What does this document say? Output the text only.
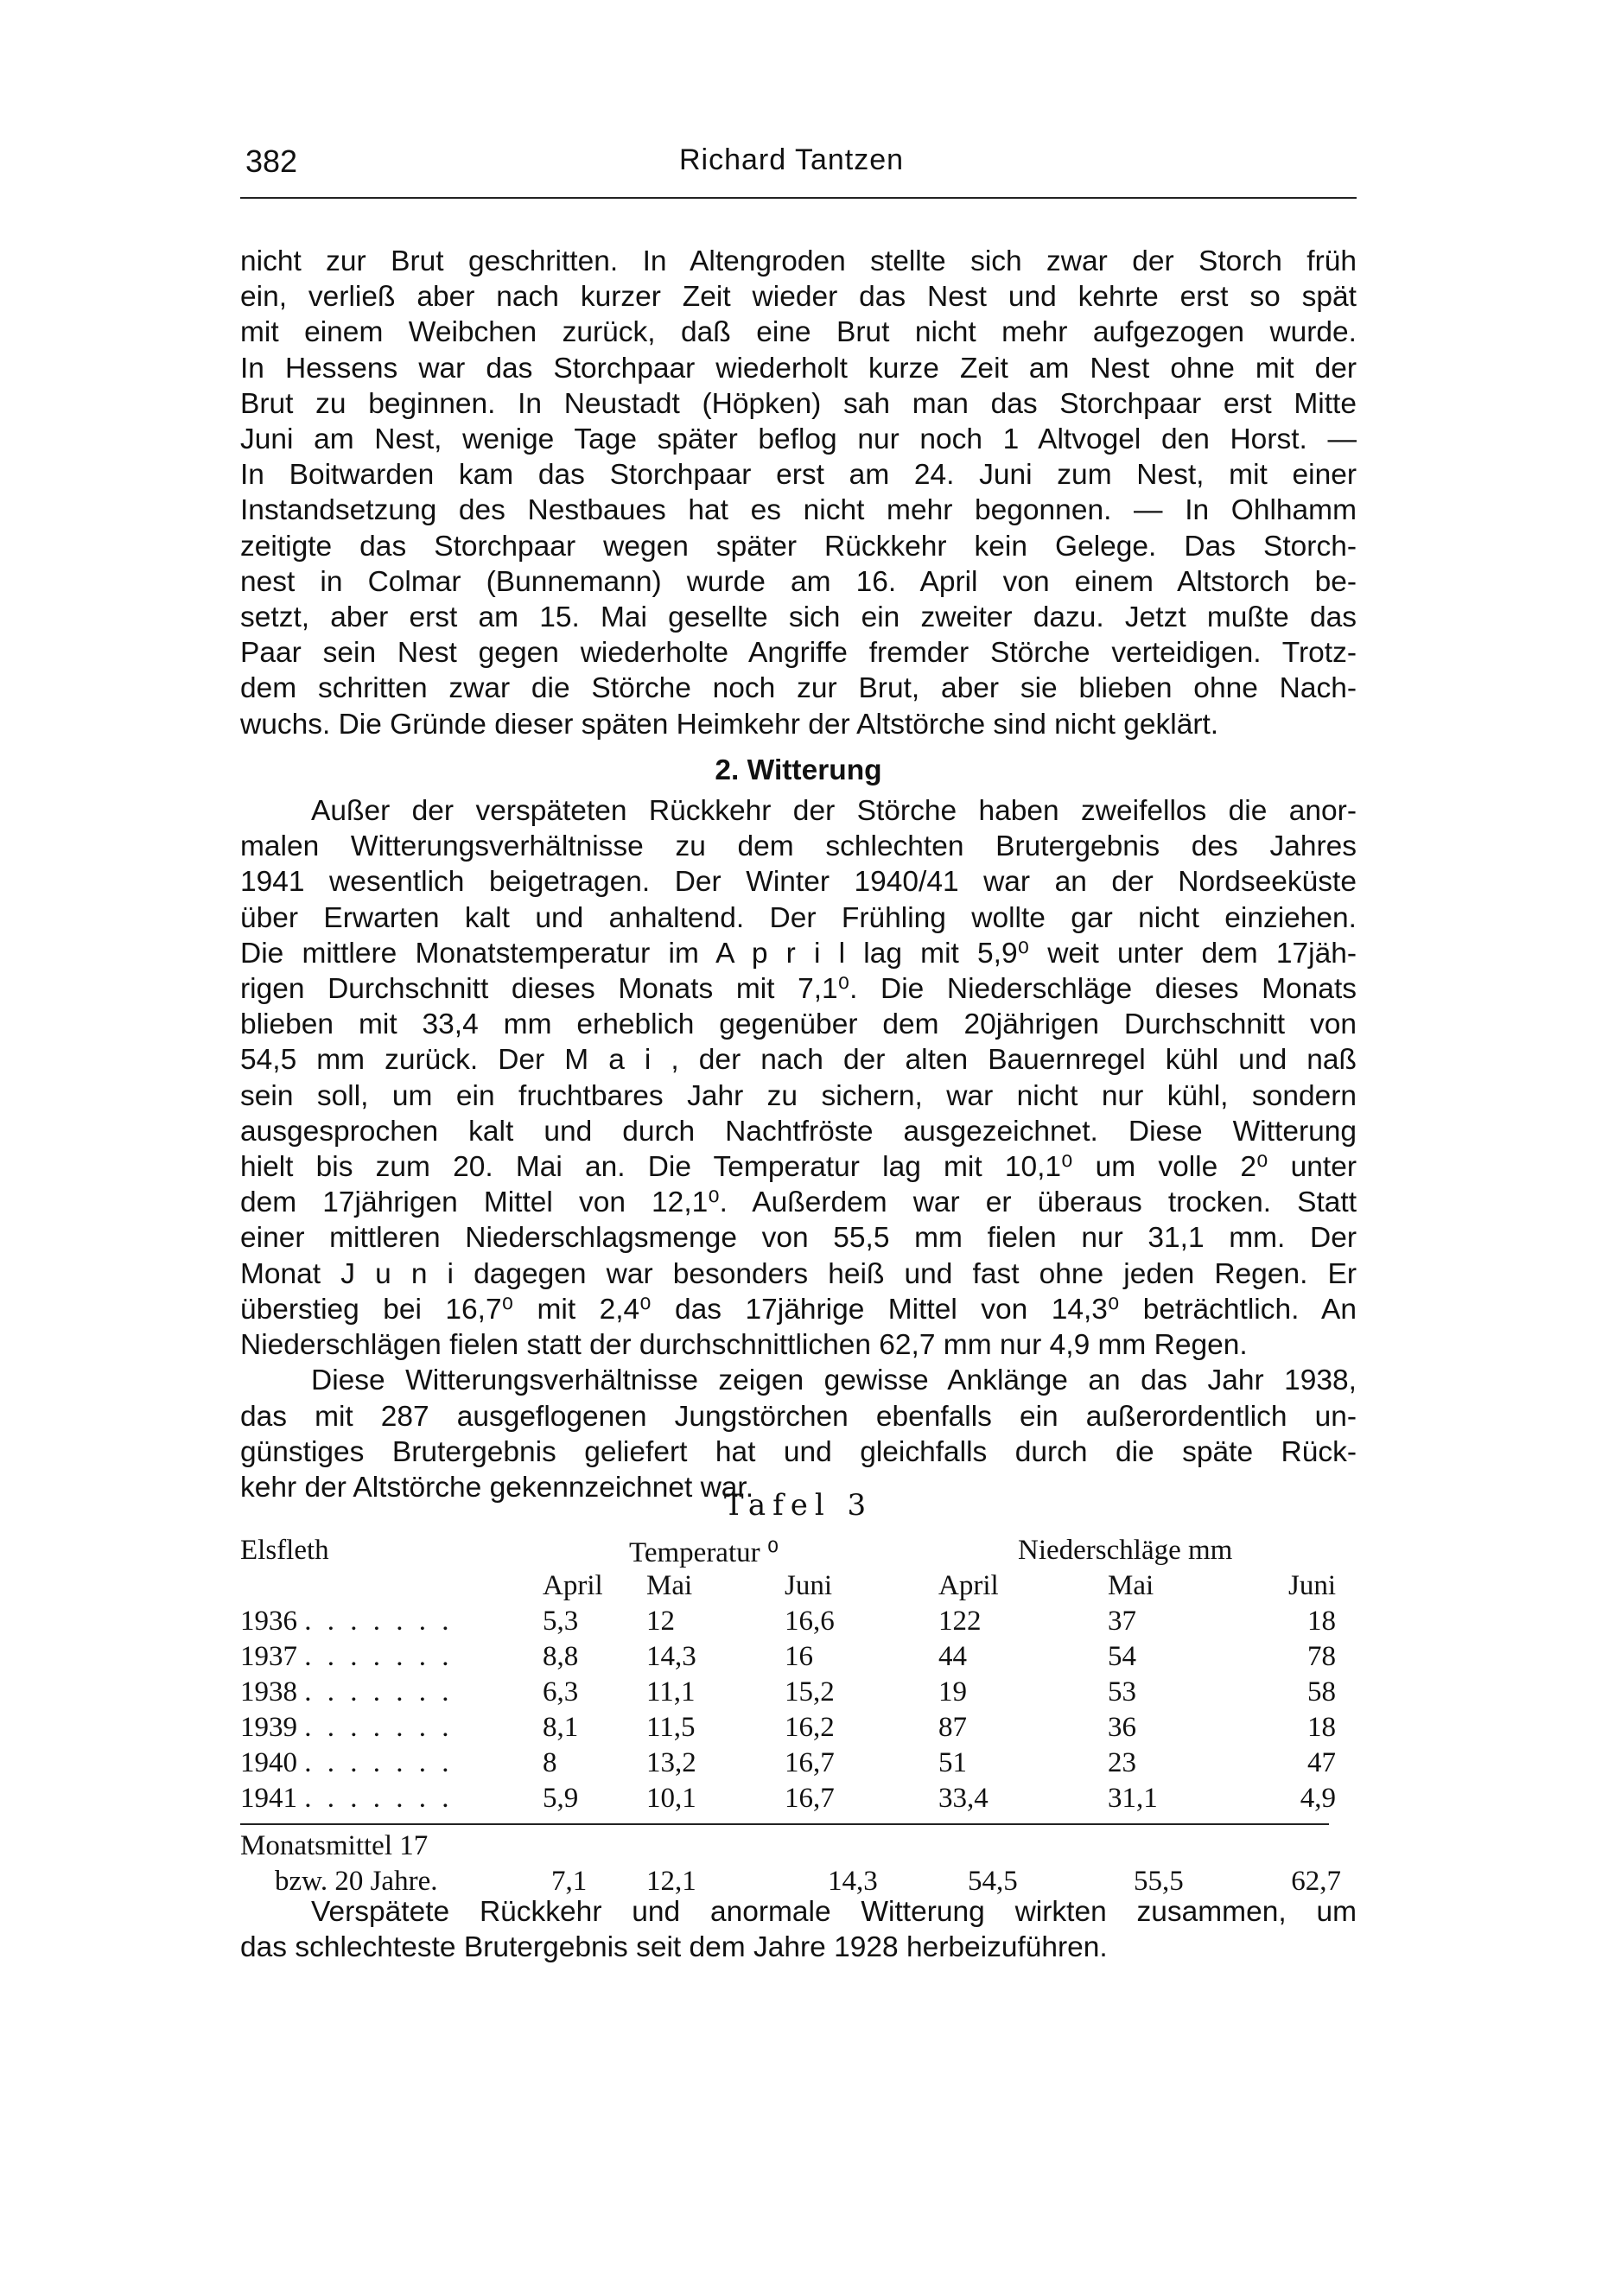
382	Richard Tantzen
nicht zur Brut geschritten. In Altengroden stellte sich zwar der Storch früh
ein, verließ aber nach kurzer Zeit wieder das Nest und kehrte erst so spät
mit einem Weibchen zurück, daß eine Brut nicht mehr aufgezogen wurde.
In Hessens war das Storchpaar wiederholt kurze Zeit am Nest ohne mit der
Brut zu beginnen. In Neustadt (Höpken) sah man das Storchpaar erst Mitte
Juni am Nest, wenige Tage später beflog nur noch 1 Altvogel den Horst. —
In Boitwarden kam das Storchpaar erst am 24. Juni zum Nest, mit einer
Instandsetzung des Nestbaues hat es nicht mehr begonnen. — In Ohlhamm
zeitigte das Storchpaar wegen später Rückkehr kein Gelege. Das Storch-
nest in Colmar (Bunnemann) wurde am 16. April von einem Altstorch be-
setzt, aber erst am 15. Mai gesellte sich ein zweiter dazu. Jetzt mußte das
Paar sein Nest gegen wiederholte Angriffe fremder Störche verteidigen. Trotz-
dem schritten zwar die Störche noch zur Brut, aber sie blieben ohne Nach-
wuchs. Die Gründe dieser späten Heimkehr der Altstörche sind nicht geklärt.
2. Witterung
Außer der verspäteten Rückkehr der Störche haben zweifellos die anor-
malen Witterungsverhältnisse zu dem schlechten Brutergebnis des Jahres
1941 wesentlich beigetragen. Der Winter 1940/41 war an der Nordseeküste
über Erwarten kalt und anhaltend. Der Frühling wollte gar nicht einziehen.
Die mittlere Monatstemperatur im A p r i l lag mit 5,9⁰ weit unter dem 17jäh-
rigen Durchschnitt dieses Monats mit 7,1⁰. Die Niederschläge dieses Monats
blieben mit 33,4 mm erheblich gegenüber dem 20jährigen Durchschnitt von
54,5 mm zurück. Der M a i , der nach der alten Bauernregel kühl und naß
sein soll, um ein fruchtbares Jahr zu sichern, war nicht nur kühl, sondern
ausgesprochen kalt und durch Nachtfröste ausgezeichnet. Diese Witterung
hielt bis zum 20. Mai an. Die Temperatur lag mit 10,1⁰ um volle 2⁰ unter
dem 17jährigen Mittel von 12,1⁰. Außerdem war er überaus trocken. Statt
einer mittleren Niederschlagsmenge von 55,5 mm fielen nur 31,1 mm. Der
Monat J u n i dagegen war besonders heiß und fast ohne jeden Regen. Er
überstieg bei 16,7⁰ mit 2,4⁰ das 17jährige Mittel von 14,3⁰ beträchtlich. An
Niederschlägen fielen statt der durchschnittlichen 62,7 mm nur 4,9 mm Regen.
Diese Witterungsverhältnisse zeigen gewisse Anklänge an das Jahr 1938,
das mit 287 ausgeflogenen Jungstörchen ebenfalls ein außerordentlich un-
günstiges Brutergebnis geliefert hat und gleichfalls durch die späte Rück-
kehr der Altstörche gekennzeichnet war.
Tafel 3
Elsfleth	Temperatur ⁰	Niederschläge mm
April	Mai	Juni	April	Mai	Juni
1936 . . . . . . .	5,3	12	16,6	122	37	18
1937 . . . . . . .	8,8	14,3	16	44	54	78
1938 . . . . . . .	6,3	11,1	15,2	19	53	58
1939 . . . . . . .	8,1	11,5	16,2	87	36	18
1940 . . . . . . .	8	13,2	16,7	51	23	47
1941 . . . . . . .	5,9	10,1	16,7	33,4	31,1	4,9
Monatsmittel 17
bzw. 20 Jahre.	7,1	12,1	14,3	54,5	55,5	62,7
Verspätete Rückkehr und anormale Witterung wirkten zusammen, um
das schlechteste Brutergebnis seit dem Jahre 1928 herbeizuführen.
